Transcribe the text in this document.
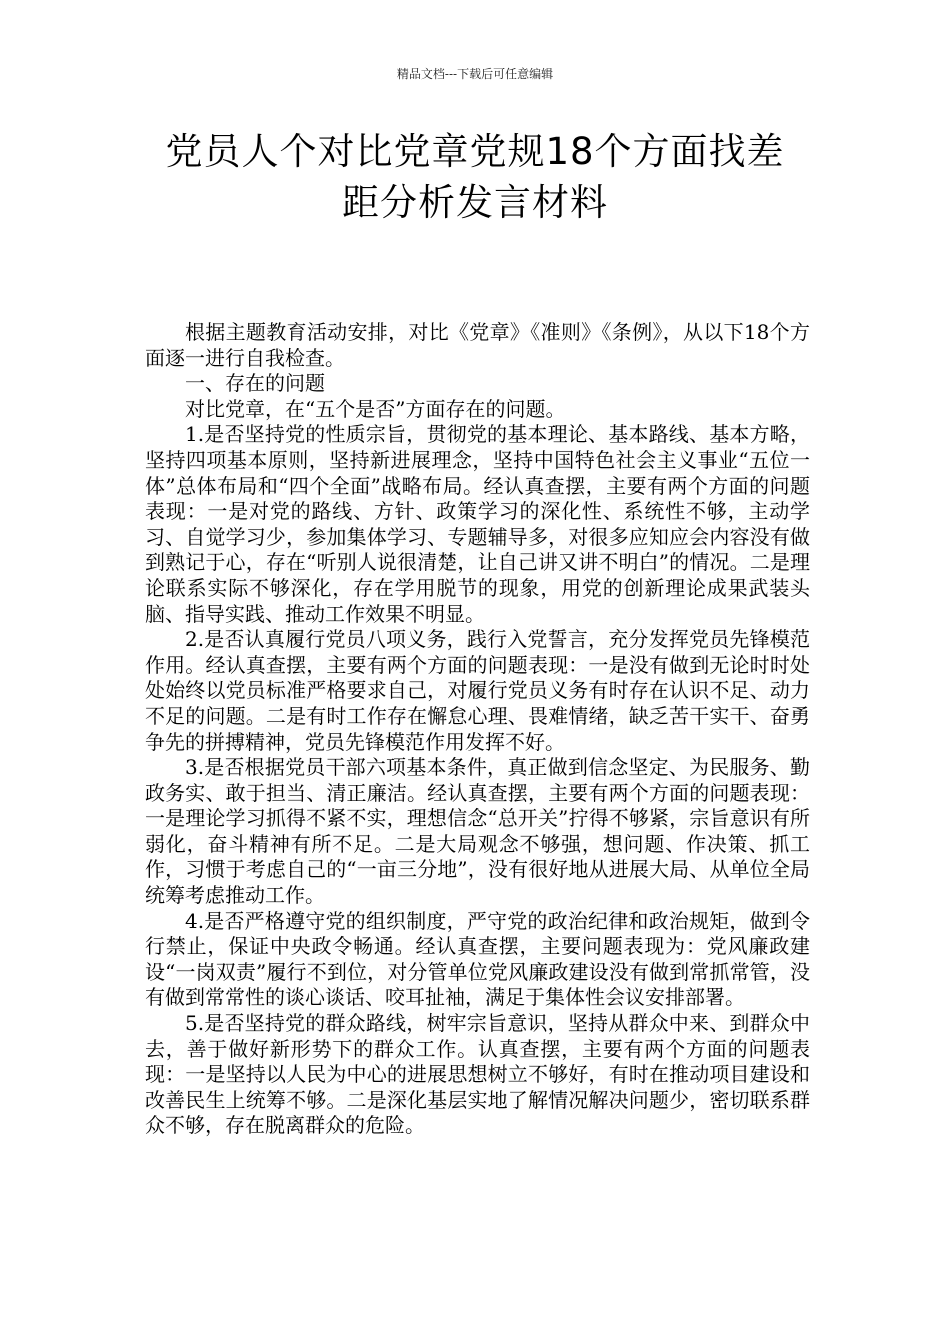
精品文档---下载后可任意编辑
党员人个对比党章党规18个方面找差
距分析发言材料

根据主题教育活动安排，对比《党章》《准则》《条例》，从以下18个方面逐一进行自我检查。

一、存在的问题

对比党章，在“五个是否”方面存在的问题。

1.是否坚持党的性质宗旨，贯彻党的基本理论、基本路线、基本方略，坚持四项基本原则，坚持新进展理念，坚持中国特色社会主义事业“五位一体”总体布局和“四个全面”战略布局。经认真查摆，主要有两个方面的问题表现：一是对党的路线、方针、政策学习的深化性、系统性不够，主动学习、自觉学习少，参加集体学习、专题辅导多，对很多应知应会内容没有做到熟记于心，存在“听别人说很清楚，让自己讲又讲不明白”的情况。二是理论联系实际不够深化，存在学用脱节的现象，用党的创新理论成果武装头脑、指导实践、推动工作效果不明显。

2.是否认真履行党员八项义务，践行入党誓言，充分发挥党员先锋模范作用。经认真查摆，主要有两个方面的问题表现：一是没有做到无论时时处处始终以党员标准严格要求自己，对履行党员义务有时存在认识不足、动力不足的问题。二是有时工作存在懈怠心理、畏难情绪，缺乏苦干实干、奋勇争先的拼搏精神，党员先锋模范作用发挥不好。

3.是否根据党员干部六项基本条件，真正做到信念坚定、为民服务、勤政务实、敢于担当、清正廉洁。经认真查摆，主要有两个方面的问题表现：一是理论学习抓得不紧不实，理想信念“总开关”拧得不够紧，宗旨意识有所弱化，奋斗精神有所不足。二是大局观念不够强，想问题、作决策、抓工作，习惯于考虑自己的“一亩三分地”，没有很好地从进展大局、从单位全局统筹考虑推动工作。

4.是否严格遵守党的组织制度，严守党的政治纪律和政治规矩，做到令行禁止，保证中央政令畅通。经认真查摆，主要问题表现为：党风廉政建设“一岗双责”履行不到位，对分管单位党风廉政建设没有做到常抓常管，没有做到常常性的谈心谈话、咬耳扯袖，满足于集体性会议安排部署。

5.是否坚持党的群众路线，树牢宗旨意识，坚持从群众中来、到群众中去，善于做好新形势下的群众工作。认真查摆，主要有两个方面的问题表现：一是坚持以人民为中心的进展思想树立不够好，有时在推动项目建设和改善民生上统筹不够。二是深化基层实地了解情况解决问题少，密切联系群众不够，存在脱离群众的危险。
